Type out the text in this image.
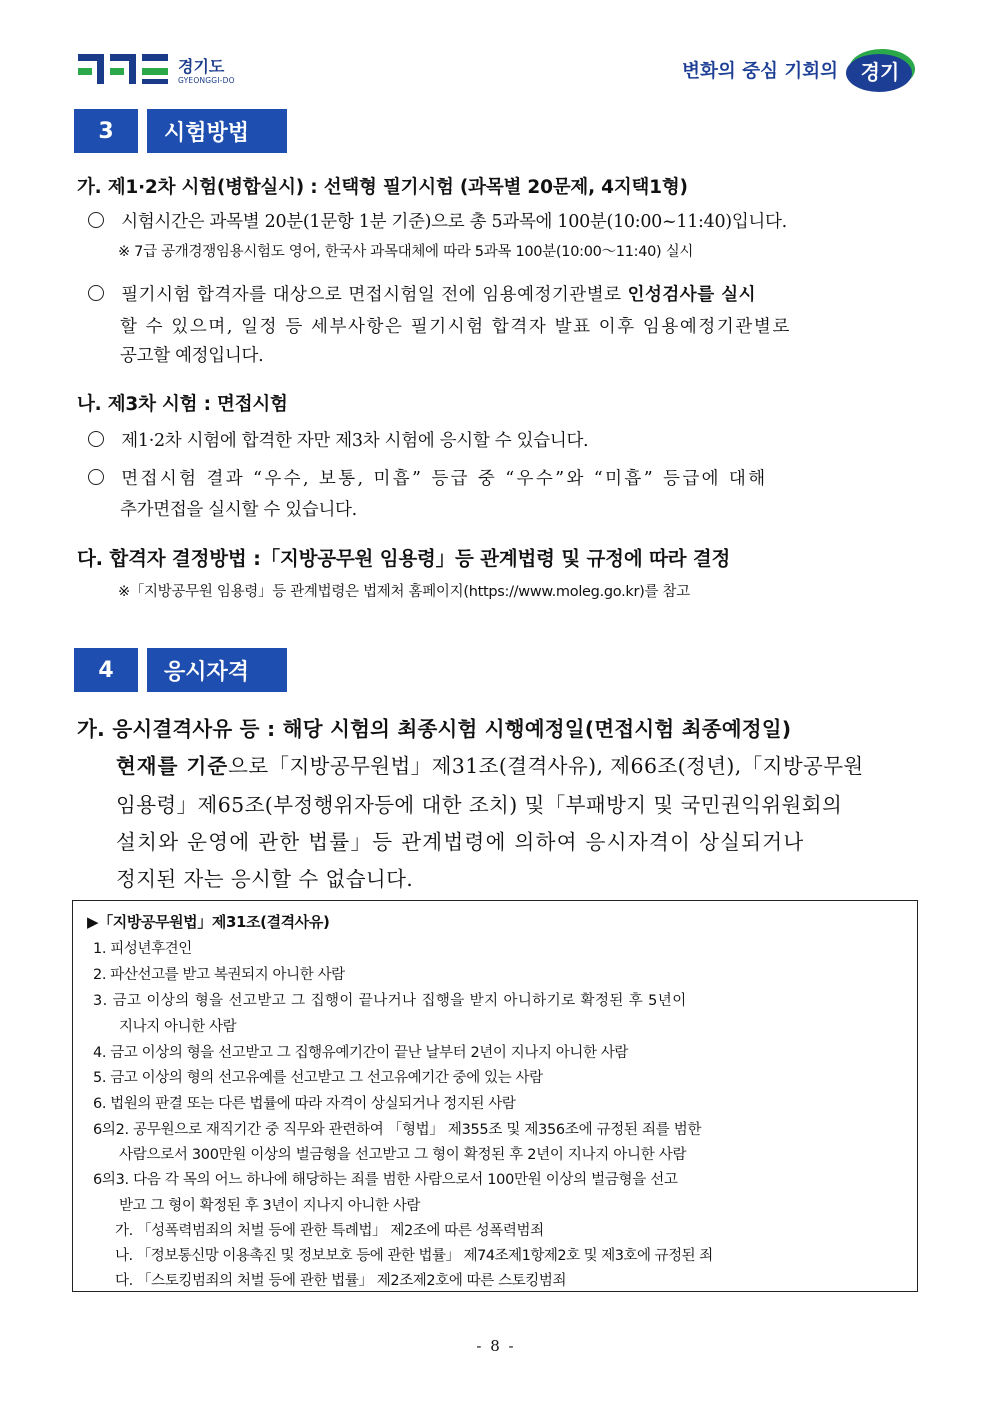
경기도
GYEONGGI-DO	변화의 중심 기회의	경기
3	시험방법
가. 제1·2차 시험(병합실시) : 선택형 필기시험 (과목별 20문제, 4지택1형)
시험시간은 과목별 20분(1문항 1분 기준)으로 총 5과목에 100분(10:00~11:40)입니다.
※ 7급 공개경쟁임용시험도 영어, 한국사 과목대체에 따라 5과목 100분(10:00～11:40) 실시
필기시험 합격자를 대상으로 면접시험일 전에 임용예정기관별로 인성검사를 실시
할 수 있으며, 일정 등 세부사항은 필기시험 합격자 발표 이후 임용예정기관별로
공고할 예정입니다.
나. 제3차 시험 : 면접시험
제1·2차 시험에 합격한 자만 제3차 시험에 응시할 수 있습니다.
면접시험 결과 “우수, 보통, 미흡” 등급 중 “우수”와 “미흡” 등급에 대해
추가면접을 실시할 수 있습니다.
다. 합격자 결정방법 :「지방공무원 임용령」등 관계법령 및 규정에 따라 결정
※「지방공무원 임용령」등 관계법령은 법제처 홈페이지(https://www.moleg.go.kr)를 참고
4	응시자격
가. 응시결격사유 등 : 해당 시험의 최종시험 시행예정일(면접시험 최종예정일)
현재를 기준으로「지방공무원법」제31조(결격사유), 제66조(정년),「지방공무원
임용령」제65조(부정행위자등에 대한 조치) 및「부패방지 및 국민권익위원회의
설치와 운영에 관한 법률」등 관계법령에 의하여 응시자격이 상실되거나
정지된 자는 응시할 수 없습니다.
▶「지방공무원법」제31조(결격사유)
1. 피성년후견인
2. 파산선고를 받고 복권되지 아니한 사람
3. 금고 이상의 형을 선고받고 그 집행이 끝나거나 집행을 받지 아니하기로 확정된 후 5년이
지나지 아니한 사람
4. 금고 이상의 형을 선고받고 그 집행유예기간이 끝난 날부터 2년이 지나지 아니한 사람
5. 금고 이상의 형의 선고유예를 선고받고 그 선고유예기간 중에 있는 사람
6. 법원의 판결 또는 다른 법률에 따라 자격이 상실되거나 정지된 사람
6의2. 공무원으로 재직기간 중 직무와 관련하여 「형법」 제355조 및 제356조에 규정된 죄를 범한
사람으로서 300만원 이상의 벌금형을 선고받고 그 형이 확정된 후 2년이 지나지 아니한 사람
6의3. 다음 각 목의 어느 하나에 해당하는 죄를 범한 사람으로서 100만원 이상의 벌금형을 선고
받고 그 형이 확정된 후 3년이 지나지 아니한 사람
가. 「성폭력범죄의 처벌 등에 관한 특례법」 제2조에 따른 성폭력범죄
나. 「정보통신망 이용촉진 및 정보보호 등에 관한 법률」 제74조제1항제2호 및 제3호에 규정된 죄
다. 「스토킹범죄의 처벌 등에 관한 법률」 제2조제2호에 따른 스토킹범죄
- 8 -
